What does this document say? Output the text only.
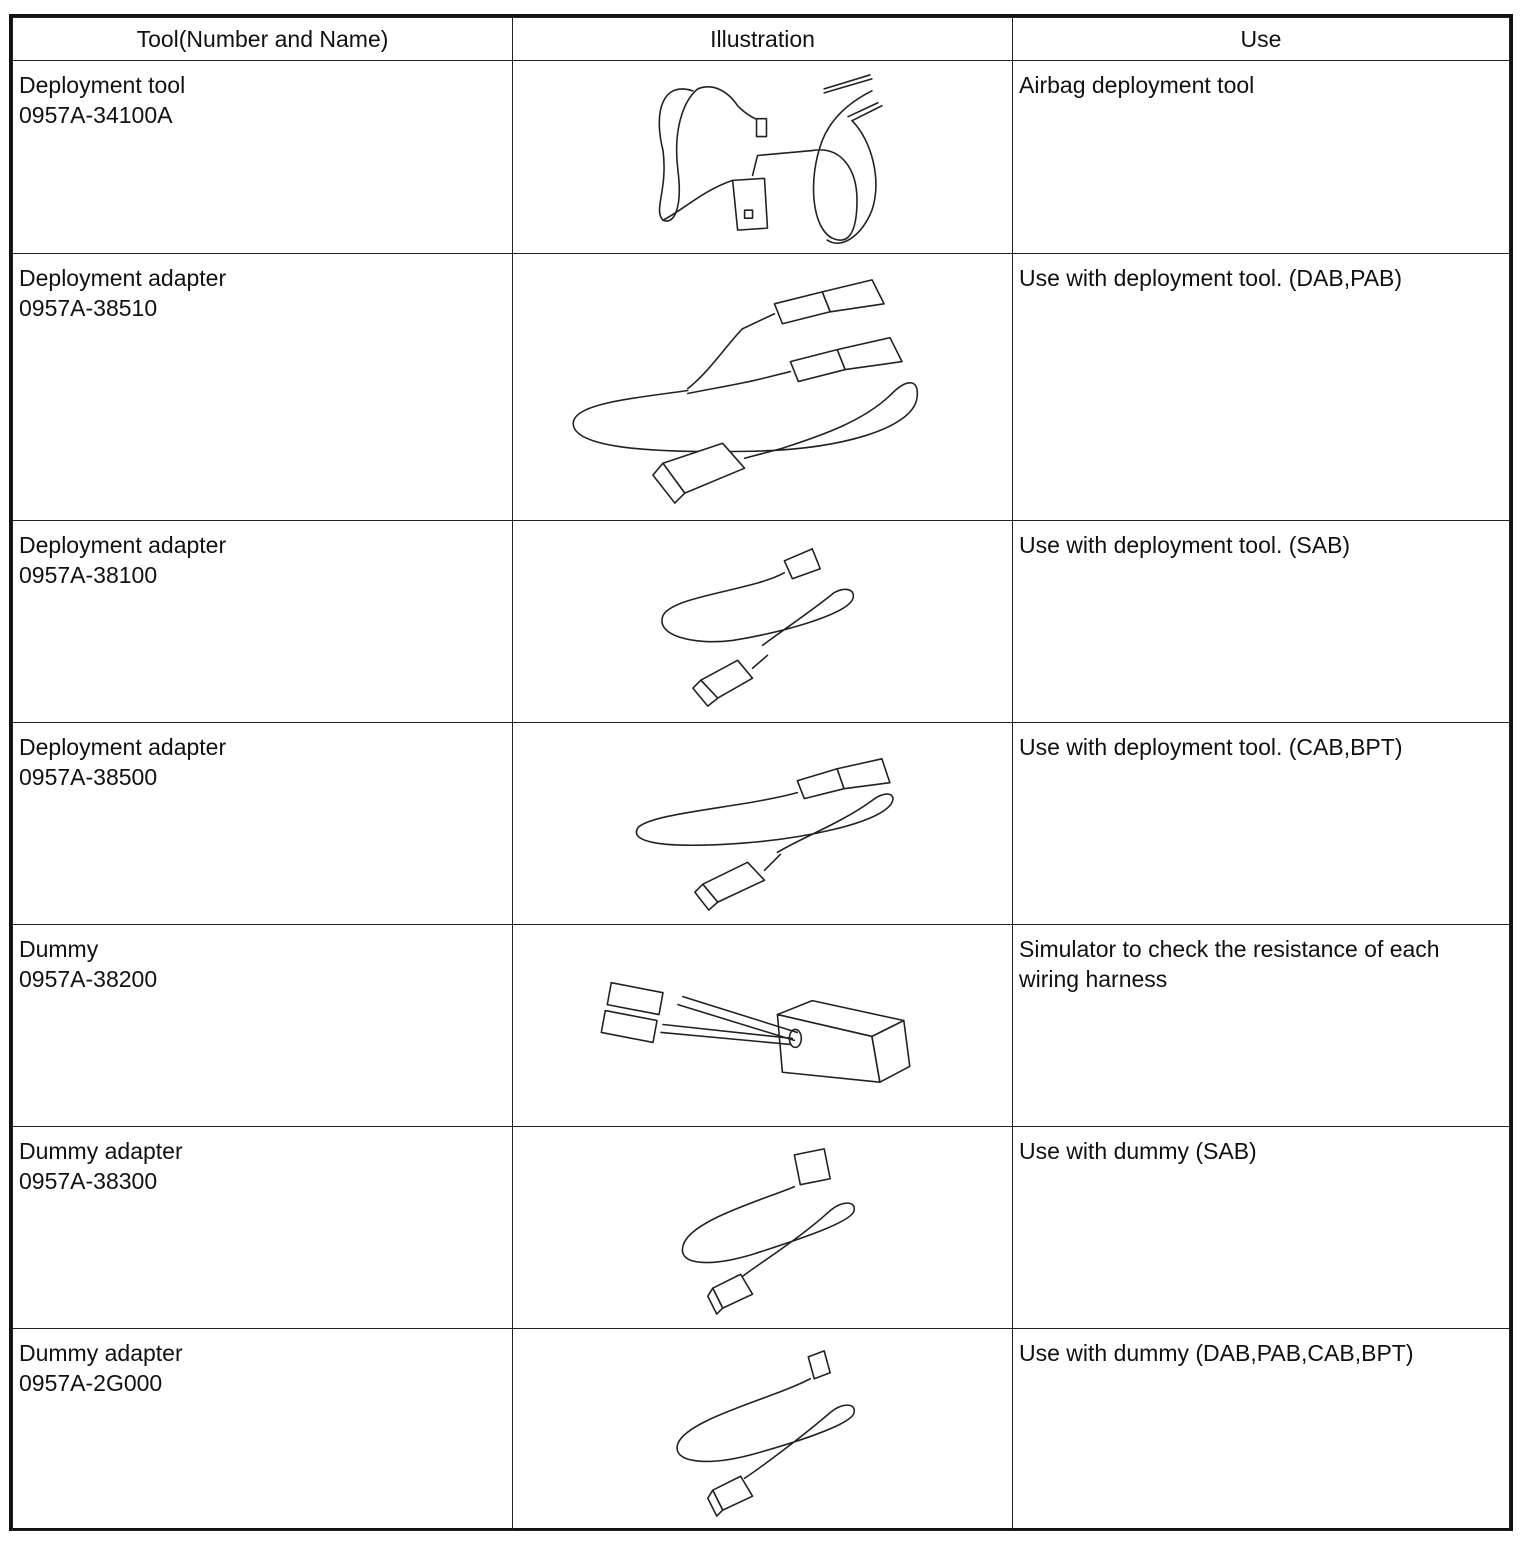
Tool(Number and Name)	Illustration	Use

Deployment tool
0957A-34100A		Airbag deployment tool

Deployment adapter
0957A-38510		Use with deployment tool. (DAB,PAB)

Deployment adapter
0957A-38100		Use with deployment tool. (SAB)

Deployment adapter
0957A-38500		Use with deployment tool. (CAB,BPT)

Dummy
0957A-38200		Simulator to check the resistance of each wiring harness

Dummy adapter
0957A-38300		Use with dummy (SAB)

Dummy adapter
0957A-2G000		Use with dummy (DAB,PAB,CAB,BPT)
